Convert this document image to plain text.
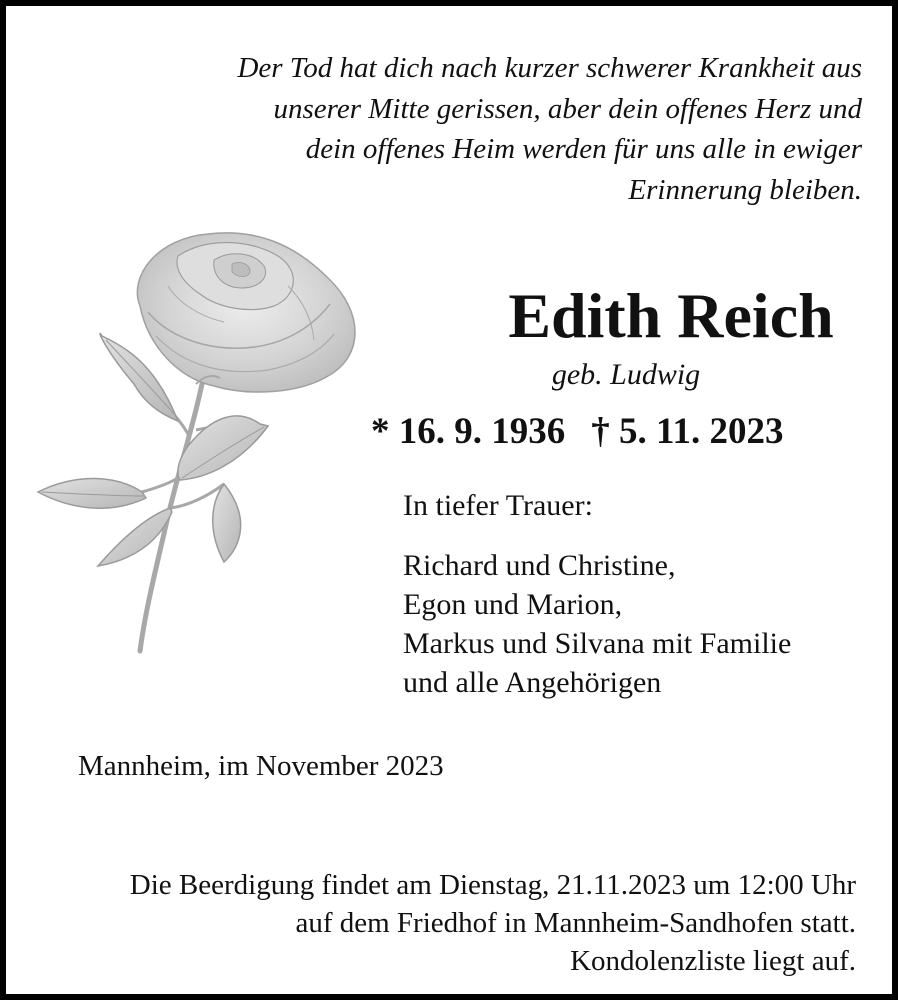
Der Tod hat dich nach kurzer schwerer Krankheit aus
unserer Mitte gerissen, aber dein offenes Herz und
dein offenes Heim werden für uns alle in ewiger
Erinnerung bleiben.
Edith Reich
geb. Ludwig
* 16. 9. 1936 † 5. 11. 2023
In tiefer Trauer:
Richard und Christine,
Egon und Marion,
Markus und Silvana mit Familie
und alle Angehörigen
Mannheim, im November 2023
Die Beerdigung findet am Dienstag, 21.11.2023 um 12:00 Uhr
auf dem Friedhof in Mannheim-Sandhofen statt.
Kondolenzliste liegt auf.
